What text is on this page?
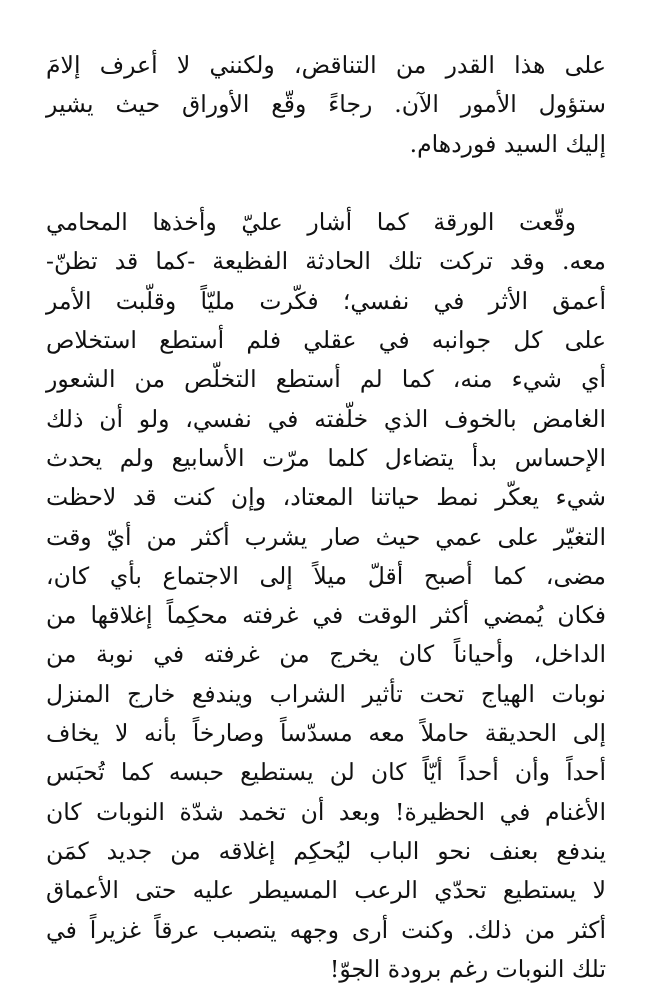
على هذا القدر من التناقض، ولكنني لا أعرف إلامَ
ستؤول الأمور الآن. رجاءً وقّع الأوراق حيث يشير
إليك السيد فوردهام.

وقّعت الورقة كما أشار عليّ وأخذها المحامي
معه. وقد تركت تلك الحادثة الفظيعة -كما قد تظنّ-
أعمق الأثر في نفسي؛ فكّرت مليّاً وقلّبت الأمر
على كل جوانبه في عقلي فلم أستطع استخلاص
أي شيء منه، كما لم أستطع التخلّص من الشعور
الغامض بالخوف الذي خلّفته في نفسي، ولو أن ذلك
الإحساس بدأ يتضاءل كلما مرّت الأسابيع ولم يحدث
شيء يعكّر نمط حياتنا المعتاد، وإن كنت قد لاحظت
التغيّر على عمي حيث صار يشرب أكثر من أيّ وقت
مضى، كما أصبح أقلّ ميلاً إلى الاجتماع بأي كان،
فكان يُمضي أكثر الوقت في غرفته محكِماً إغلاقها من
الداخل، وأحياناً كان يخرج من غرفته في نوبة من
نوبات الهياج تحت تأثير الشراب ويندفع خارج المنزل
إلى الحديقة حاملاً معه مسدّساً وصارخاً بأنه لا يخاف
أحداً وأن أحداً أيّاً كان لن يستطيع حبسه كما تُحبَس
الأغنام في الحظيرة! وبعد أن تخمد شدّة النوبات كان
يندفع بعنف نحو الباب ليُحكِم إغلاقه من جديد كمَن
لا يستطيع تحدّي الرعب المسيطر عليه حتى الأعماق
أكثر من ذلك. وكنت أرى وجهه يتصبب عرقاً غزيراً في
تلك النوبات رغم برودة الجوّ!
